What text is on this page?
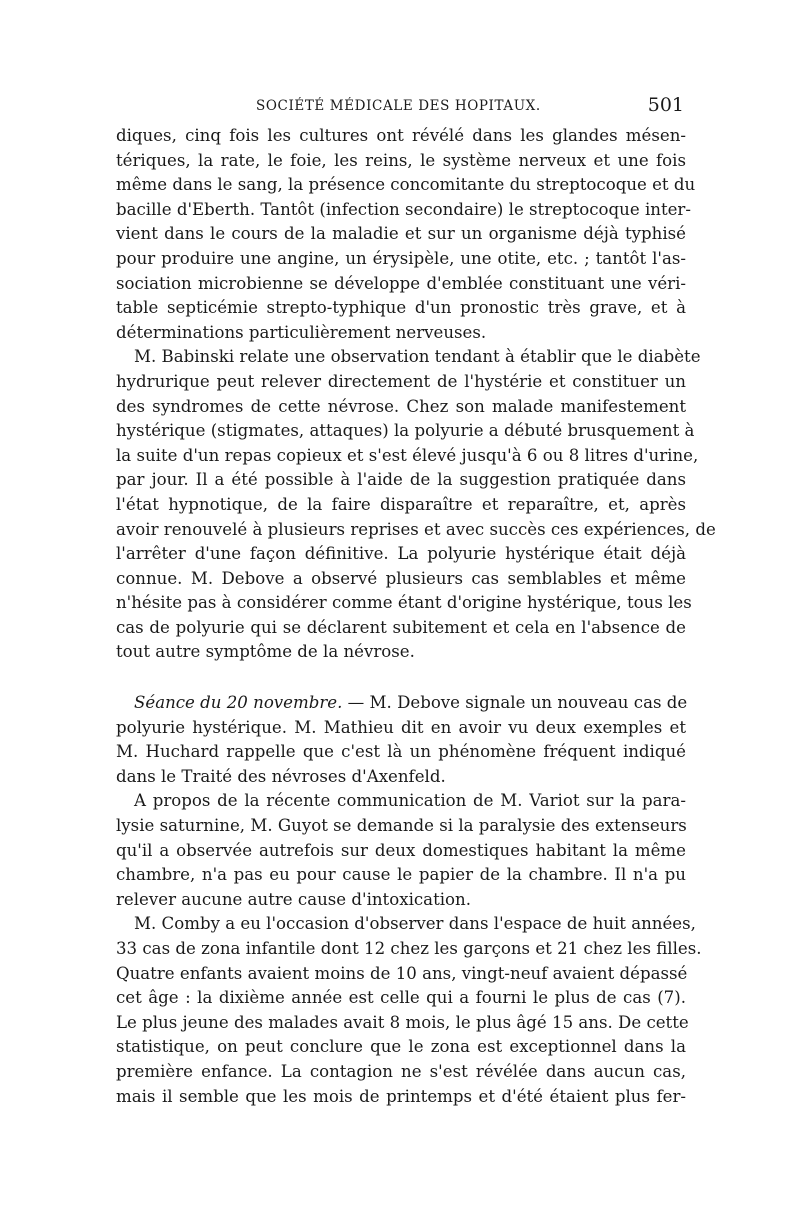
SOCIÉTÉ MÉDICALE DES HOPITAUX.	501

diques, cinq fois les cultures ont révélé dans les glandes mésen-
tériques, la rate, le foie, les reins, le système nerveux et une fois
même dans le sang, la présence concomitante du streptocoque et du
bacille d'Eberth. Tantôt (infection secondaire) le streptocoque inter-
vient dans le cours de la maladie et sur un organisme déjà typhisé
pour produire une angine, un érysipèle, une otite, etc. ; tantôt l'as-
sociation microbienne se développe d'emblée constituant une véri-
table septicémie strepto-typhique d'un pronostic très grave, et à
déterminations particulièrement nerveuses.

M. Babinski relate une observation tendant à établir que le diabète
hydrurique peut relever directement de l'hystérie et constituer un
des syndromes de cette névrose. Chez son malade manifestement
hystérique (stigmates, attaques) la polyurie a débuté brusquement à
la suite d'un repas copieux et s'est élevé jusqu'à 6 ou 8 litres d'urine,
par jour. Il a été possible à l'aide de la suggestion pratiquée dans
l'état hypnotique, de la faire disparaître et reparaître, et, après
avoir renouvelé à plusieurs reprises et avec succès ces expériences, de
l'arrêter d'une façon définitive. La polyurie hystérique était déjà
connue. M. Debove a observé plusieurs cas semblables et même
n'hésite pas à considérer comme étant d'origine hystérique, tous les
cas de polyurie qui se déclarent subitement et cela en l'absence de
tout autre symptôme de la névrose.

Séance du 20 novembre. — M. Debove signale un nouveau cas de
polyurie hystérique. M. Mathieu dit en avoir vu deux exemples et
M. Huchard rappelle que c'est là un phénomène fréquent indiqué
dans le Traité des névroses d'Axenfeld.

A propos de la récente communication de M. Variot sur la para-
lysie saturnine, M. Guyot se demande si la paralysie des extenseurs
qu'il a observée autrefois sur deux domestiques habitant la même
chambre, n'a pas eu pour cause le papier de la chambre. Il n'a pu
relever aucune autre cause d'intoxication.

M. Comby a eu l'occasion d'observer dans l'espace de huit années,
33 cas de zona infantile dont 12 chez les garçons et 21 chez les filles.
Quatre enfants avaient moins de 10 ans, vingt-neuf avaient dépassé
cet âge : la dixième année est celle qui a fourni le plus de cas (7).
Le plus jeune des malades avait 8 mois, le plus âgé 15 ans. De cette
statistique, on peut conclure que le zona est exceptionnel dans la
première enfance. La contagion ne s'est révélée dans aucun cas,
mais il semble que les mois de printemps et d'été étaient plus fer-
